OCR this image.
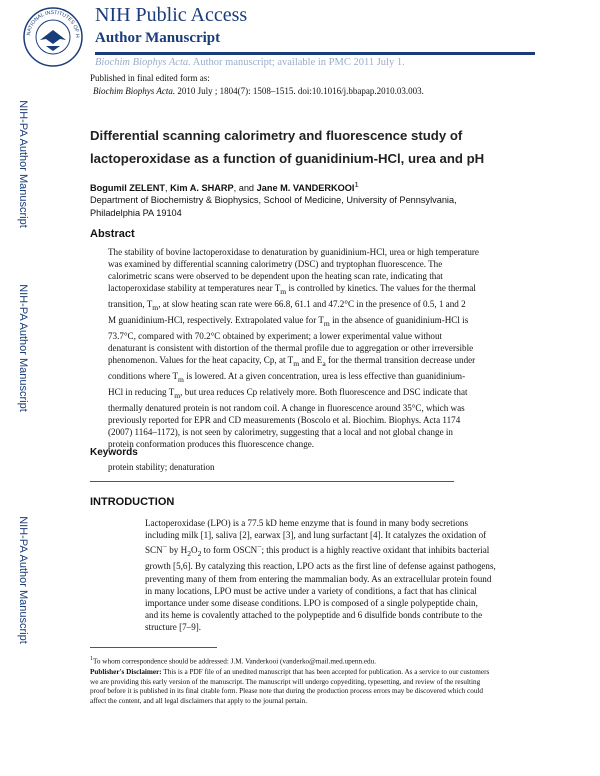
NATIONAL INSTITUTES OF H
NIH Public Access
Author Manuscript
Biochim Biophys Acta. Author manuscript; available in PMC 2011 July 1.
Published in final edited form as:
Biochim Biophys Acta. 2010 July ; 1804(7): 1508–1515. doi:10.1016/j.bbapap.2010.03.003.
NIH-PA Author Manuscript
NIH-PA Author Manuscript
NIH-PA Author Manuscript
Differential scanning calorimetry and fluorescence study of
lactoperoxidase as a function of guanidinium-HCl, urea and pH
Bogumil ZELENT, Kim A. SHARP, and Jane M. VANDERKOOI$^1$
Department of Biochemistry & Biophysics, School of Medicine, University of Pennsylvania,
Philadelphia PA 19104
Abstract
The stability of bovine lactoperoxidase to denaturation by guanidinium-HCl, urea or high temperature
was examined by differential scanning calorimetry (DSC) and tryptophan fluorescence. The
calorimetric scans were observed to be dependent upon the heating scan rate, indicating that
lactoperoxidase stability at temperatures near $T_m$ is controlled by kinetics. The values for the thermal
transition, $T_m$, at slow heating scan rate were 66.8, 61.1 and 47.2°C in the presence of 0.5, 1 and 2
M guanidinium-HCl, respectively. Extrapolated value for $T_m$ in the absence of guanidinium-HCl is
73.7°C, compared with 70.2°C obtained by experiment; a lower experimental value without
denaturant is consistent with distortion of the thermal profile due to aggregation or other irreversible
phenomenon. Values for the heat capacity, Cp, at $T_m$ and $E_a$ for the thermal transition decrease under
conditions where $T_m$ is lowered. At a given concentration, urea is less effective than guanidinium-
HCl in reducing $T_m$, but urea reduces Cp relatively more. Both fluorescence and DSC indicate that
thermally denatured protein is not random coil. A change in fluorescence around 35°C, which was
previously reported for EPR and CD measurements (Boscolo et al. Biochim. Biophys. Acta 1174
(2007) 1164–1172), is not seen by calorimetry, suggesting that a local and not global change in
protein conformation produces this fluorescence change.
Keywords
protein stability; denaturation
INTRODUCTION
Lactoperoxidase (LPO) is a 77.5 kD heme enzyme that is found in many body secretions
including milk [1], saliva [2], earwax [3], and lung surfactant [4]. It catalyzes the oxidation of
SCN− by $H_2O_2$ to form OSCN−; this product is a highly reactive oxidant that inhibits bacterial
growth [5,6]. By catalyzing this reaction, LPO acts as the first line of defense against pathogens,
preventing many of them from entering the mammalian body. As an extracellular protein found
in many locations, LPO must be active under a variety of conditions, a fact that has clinical
importance under some disease conditions. LPO is composed of a single polypeptide chain,
and its heme is covalently attached to the polypeptide and 6 disulfide bonds contribute to the
structure [7–9].
$^1$To whom correspondence should be addressed: J.M. Vanderkooi (vanderko@mail.med.upenn.edu.
Publisher's Disclaimer: This is a PDF file of an unedited manuscript that has been accepted for publication. As a service to our customers
we are providing this early version of the manuscript. The manuscript will undergo copyediting, typesetting, and review of the resulting
proof before it is published in its final citable form. Please note that during the production process errors may be discovered which could
affect the content, and all legal disclaimers that apply to the journal pertain.
